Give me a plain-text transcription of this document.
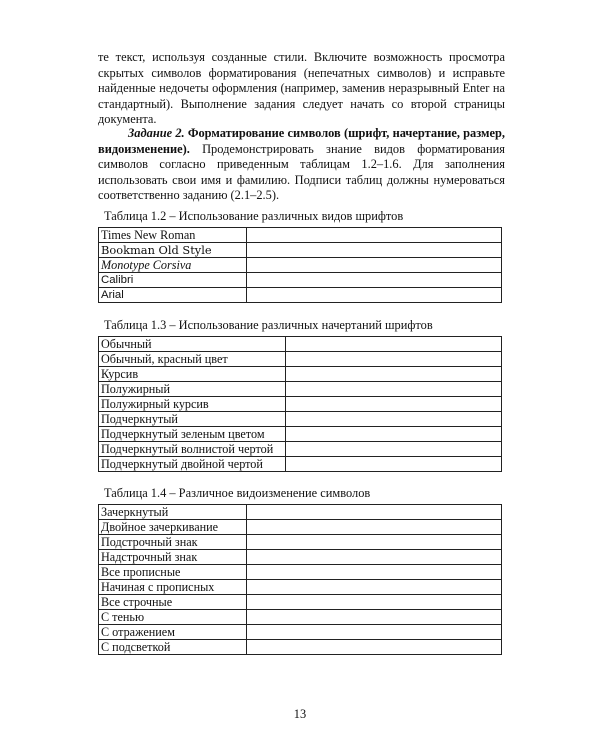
те текст, используя созданные стили. Включите возможность просмотра скрытых символов форматирования (непечатных символов) и исправьте найденные недочеты оформления (например, заменив неразрывный Enter на стандартный). Выполнение задания следует начать со второй страницы документа.

Задание 2. Форматирование символов (шрифт, начертание, размер, видоизменение). Продемонстрировать знание видов форматирования символов согласно приведенным таблицам 1.2–1.6. Для заполнения использовать свои имя и фамилию. Подписи таблиц должны нумероваться соответственно заданию (2.1–2.5).

Таблица 1.2 – Использование различных видов шрифтов

Times New Roman	
Bookman Old Style	
Monotype Corsiva	
Calibri	
Arial	

Таблица 1.3 – Использование различных начертаний шрифтов

Обычный	
Обычный, красный цвет	
Курсив	
Полужирный	
Полужирный курсив	
Подчеркнутый	
Подчеркнутый зеленым цветом	
Подчеркнутый волнистой чертой	
Подчеркнутый двойной чертой	

Таблица 1.4 – Различное видоизменение символов

Зачеркнутый	
Двойное зачеркивание	
Подстрочный знак	
Надстрочный знак	
Все прописные	
Начиная с прописных	
Все строчные	
С тенью	
С отражением	
С подсветкой	

13
